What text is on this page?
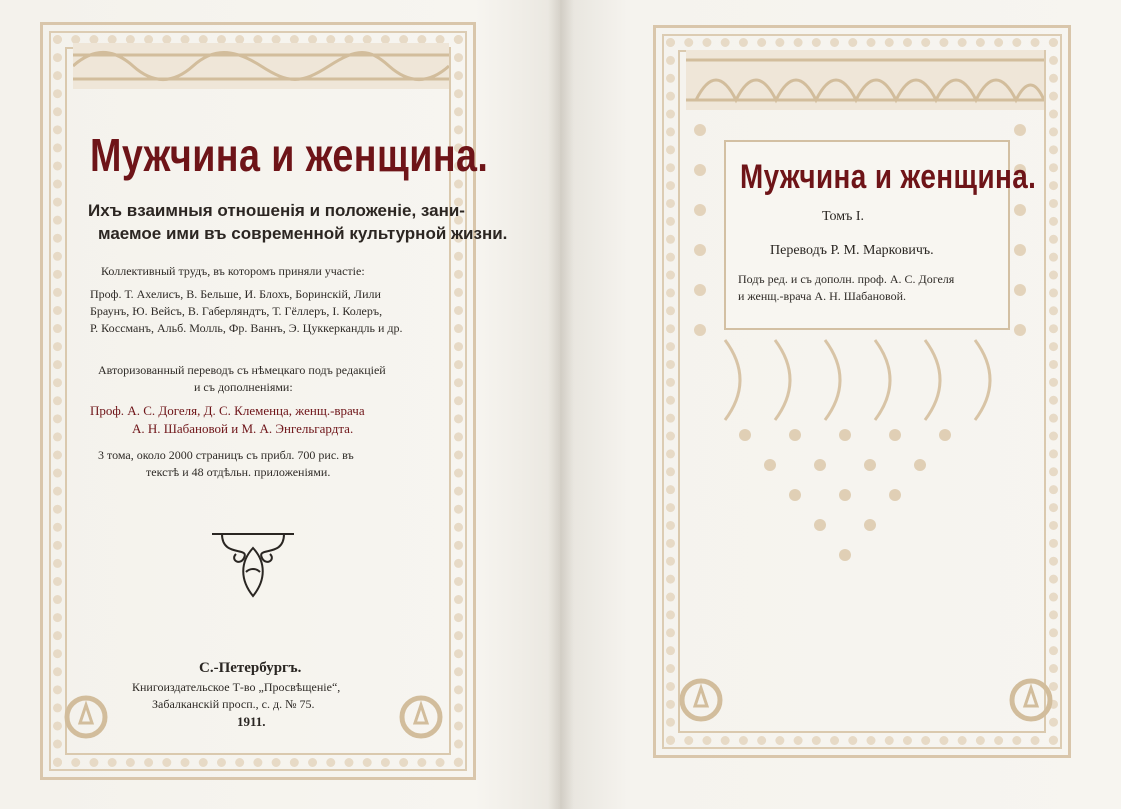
Мужчина и женщина.
Ихъ взаимныя отношенія и положеніе, зани-
маемое ими въ современной культурной жизни.
Коллективный трудъ, въ которомъ приняли участіе:
Проф. Т. Ахелисъ, В. Бельше, И. Блохъ, Боринскій, Лили
Браунъ, Ю. Вейсъ, В. Габерляндтъ, Т. Гёллеръ, І. Колеръ,
Р. Коссманъ, Альб. Молль, Фр. Ваннъ, Э. Цуккеркандль и др.
Авторизованный переводъ съ нѣмецкаго подъ редакціей
и съ дополненіями:
Проф. А. С. Догеля, Д. С. Клеменца, женщ.-врача
А. Н. Шабановой и М. А. Энгельгардта.
3 тома, около 2000 страницъ съ прибл. 700 рис. въ
текстѣ и 48 отдѣльн. приложеніями.
С.-Петербургъ.
Книгоиздательское Т-во „Просвѣщеніе“,
Забалканскій просп., с. д. № 75.
1911.
Мужчина и женщина.
Томъ I.
Переводъ Р. М. Марковичъ.
Подъ ред. и съ дополн. проф. А. С. Догеля
и женщ.-врача А. Н. Шабановой.
